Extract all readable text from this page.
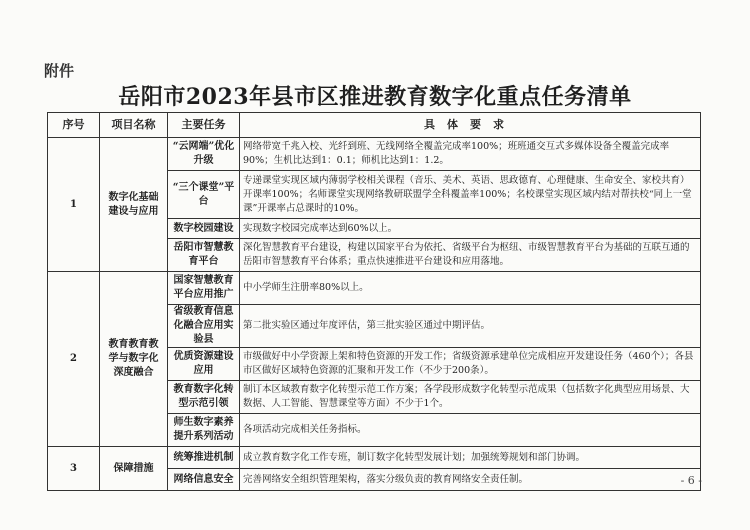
附件
岳阳市2023年县市区推进教育数字化重点任务清单
序号	项目名称	主要任务	具体要求
1	数字化基础建设与应用	“云网端”优化升级	网络带宽千兆入校、光纤到班、无线网络全覆盖完成率100%；班班通交互式多媒体设备全覆盖完成率90%；生机比达到1：0.1；师机比达到1：1.2。
		“三个课堂”平台	专递课堂实现区域内薄弱学校相关课程（音乐、美术、英语、思政德育、心理健康、生命安全、家校共育）开课率100%；名师课堂实现网络教研联盟学全科覆盖率100%；名校课堂实现区域内结对帮扶校“同上一堂课”开课率占总课时的10%。
		数字校园建设	实现数字校园完成率达到60%以上。
		岳阳市智慧教育平台	深化智慧教育平台建设，构建以国家平台为依托、省级平台为枢纽、市级智慧教育平台为基础的互联互通的岳阳市智慧教育平台体系；重点快速推进平台建设和应用落地。
2	教育教育教学与数字化深度融合	国家智慧教育平台应用推广	中小学师生注册率80%以上。
		省级教育信息化融合应用实验县	第二批实验区通过年度评估，第三批实验区通过中期评估。
		优质资源建设应用	市级做好中小学资源上架和特色资源的开发工作；省级资源承建单位完成相应开发建设任务（460个）；各县市区做好区域特色资源的汇聚和开发工作（不少于200条）。
		教育数字化转型示范引领	制订本区域教育数字化转型示范工作方案；各学段形成数字化转型示范成果（包括数字化典型应用场景、大数据、人工智能、智慧课堂等方面）不少于1个。
		师生数字素养提升系列活动	各项活动完成相关任务指标。
3	保障措施	统筹推进机制	成立教育数字化工作专班，制订数字化转型发展计划；加强统筹规划和部门协调。
		网络信息安全	完善网络安全组织管理架构，落实分级负责的教育网络安全责任制。	- 6 -
